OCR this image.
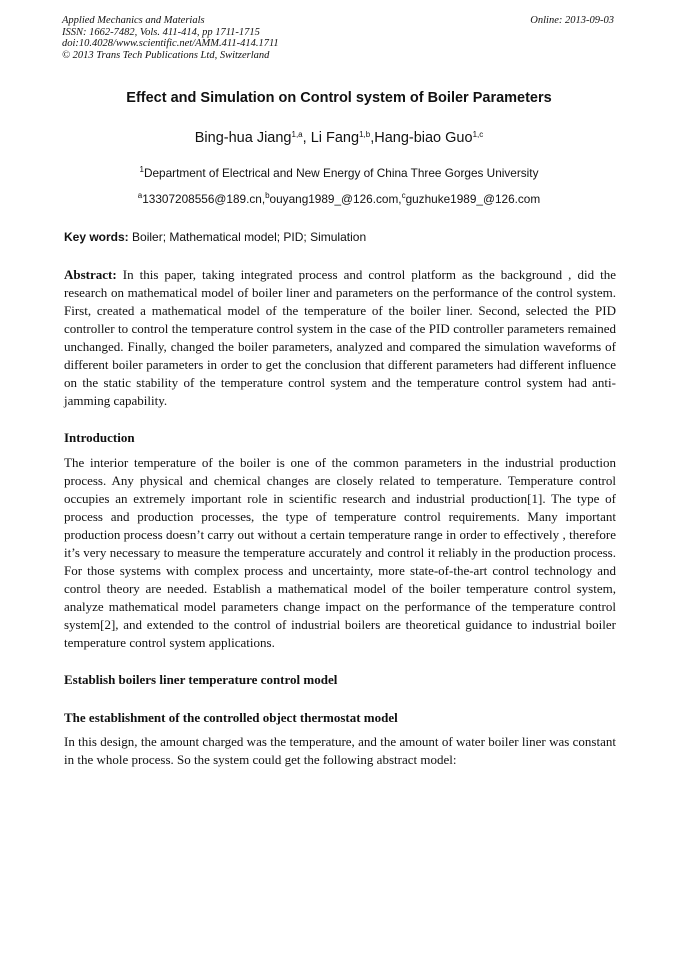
Applied Mechanics and Materials
ISSN: 1662-7482, Vols. 411-414, pp 1711-1715
doi:10.4028/www.scientific.net/AMM.411-414.1711
© 2013 Trans Tech Publications Ltd, Switzerland
Online: 2013-09-03
Effect and Simulation on Control system of Boiler Parameters
Bing-hua Jiang$^{1,a}$, Li Fang$^{1,b}$,Hang-biao Guo$^{1,c}$
$^1$Department of Electrical and New Energy of China Three Gorges University
$^a$13307208556@189.cn,$^b$ouyang1989_@126.com,$^c$guzhuke1989_@126.com
Key words: Boiler; Mathematical model; PID; Simulation
Abstract: In this paper, taking integrated process and control platform as the background , did the research on mathematical model of boiler liner and parameters on the performance of the control system. First, created a mathematical model of the temperature of the boiler liner. Second, selected the PID controller to control the temperature control system in the case of the PID controller parameters remained unchanged. Finally, changed the boiler parameters, analyzed and compared the simulation waveforms of different boiler parameters in order to get the conclusion that different parameters had different influence on the static stability of the temperature control system and the temperature control system had anti-jamming capability.
Introduction
The interior temperature of the boiler is one of the common parameters in the industrial production process. Any physical and chemical changes are closely related to temperature. Temperature control occupies an extremely important role in scientific research and industrial production[1]. The type of process and production processes, the type of temperature control requirements. Many important production process doesn’t carry out without a certain temperature range in order to effectively , therefore it’s very necessary to measure the temperature accurately and control it reliably in the production process. For those systems with complex process and uncertainty, more state-of-the-art control technology and control theory are needed. Establish a mathematical model of the boiler temperature control system, analyze mathematical model parameters change impact on the performance of the temperature control system[2], and extended to the control of industrial boilers are theoretical guidance to industrial boiler temperature control system applications.
Establish boilers liner temperature control model
The establishment of the controlled object thermostat model
In this design, the amount charged was the temperature, and the amount of water boiler liner was constant in the whole process. So the system could get the following abstract model:
